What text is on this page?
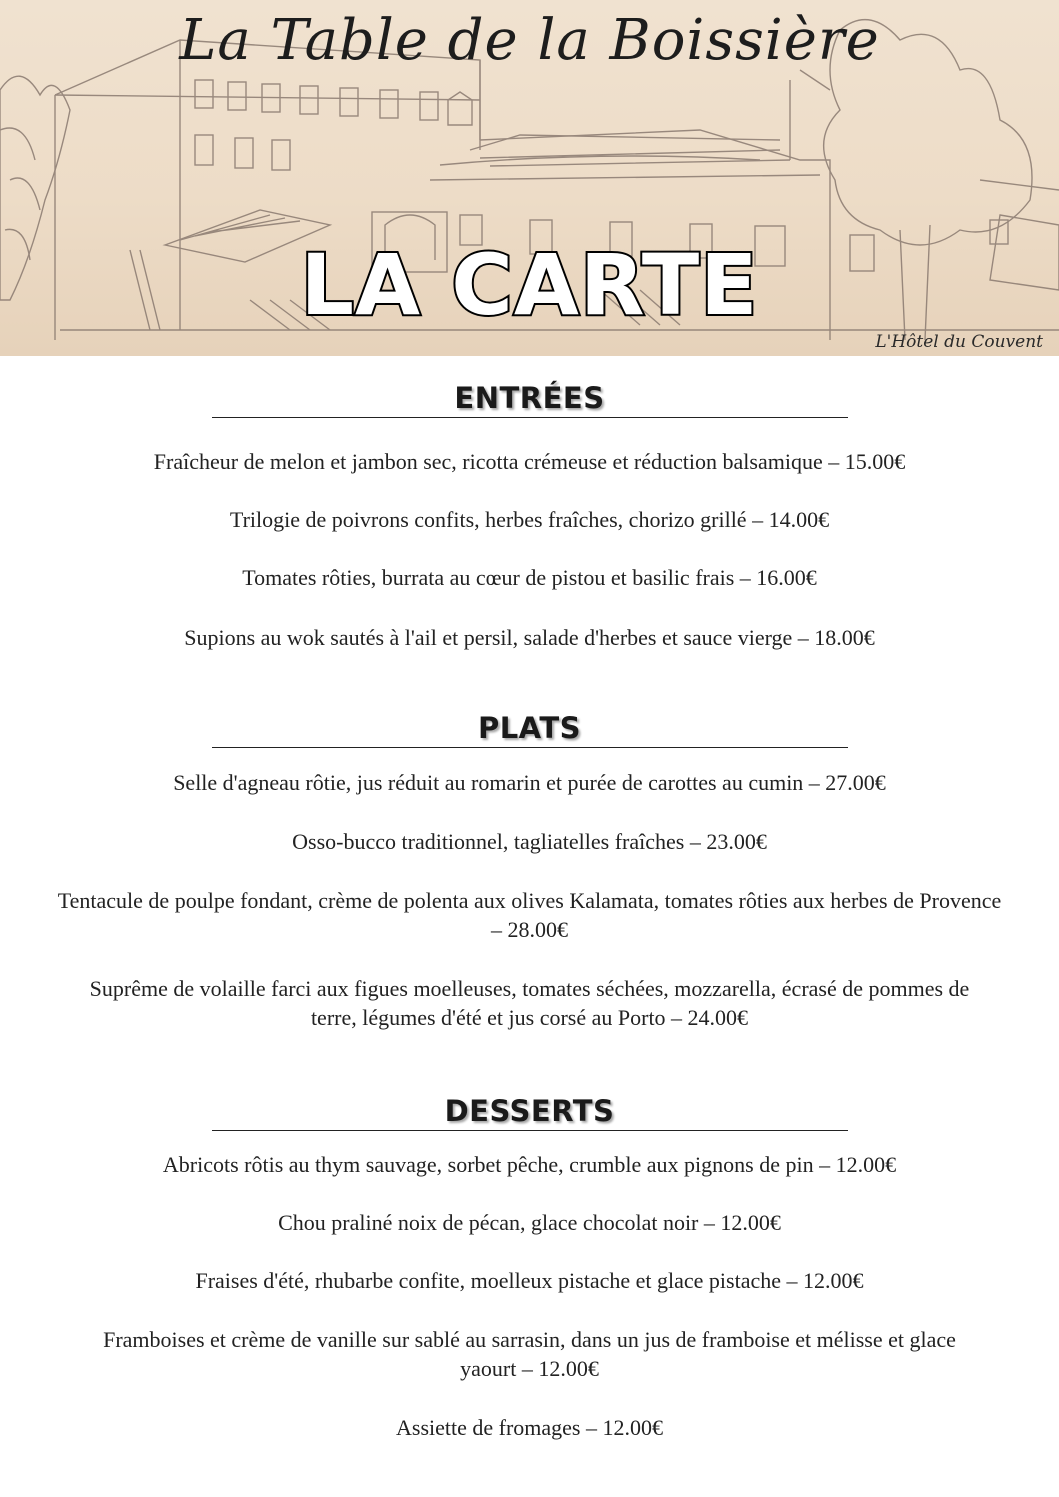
La Table de la Boissière
LA CARTE
L'Hôtel du Couvent
ENTRÉES
Fraîcheur de melon et jambon sec, ricotta crémeuse et réduction balsamique – 15.00€
Trilogie de poivrons confits, herbes fraîches, chorizo grillé – 14.00€
Tomates rôties, burrata au cœur de pistou et basilic frais – 16.00€
Supions au wok sautés à l'ail et persil, salade d'herbes et sauce vierge – 18.00€
PLATS
Selle d'agneau rôtie, jus réduit au romarin et purée de carottes au cumin – 27.00€
Osso-bucco traditionnel, tagliatelles fraîches – 23.00€
Tentacule de poulpe fondant, crème de polenta aux olives Kalamata, tomates rôties aux herbes de Provence – 28.00€
Suprême de volaille farci aux figues moelleuses, tomates séchées, mozzarella, écrasé de pommes de terre, légumes d'été et jus corsé au Porto – 24.00€
DESSERTS
Abricots rôtis au thym sauvage, sorbet pêche, crumble aux pignons de pin – 12.00€
Chou praliné noix de pécan, glace chocolat noir – 12.00€
Fraises d'été, rhubarbe confite, moelleux pistache et glace pistache – 12.00€
Framboises et crème de vanille sur sablé au sarrasin, dans un jus de framboise et mélisse et glace yaourt – 12.00€
Assiette de fromages – 12.00€
